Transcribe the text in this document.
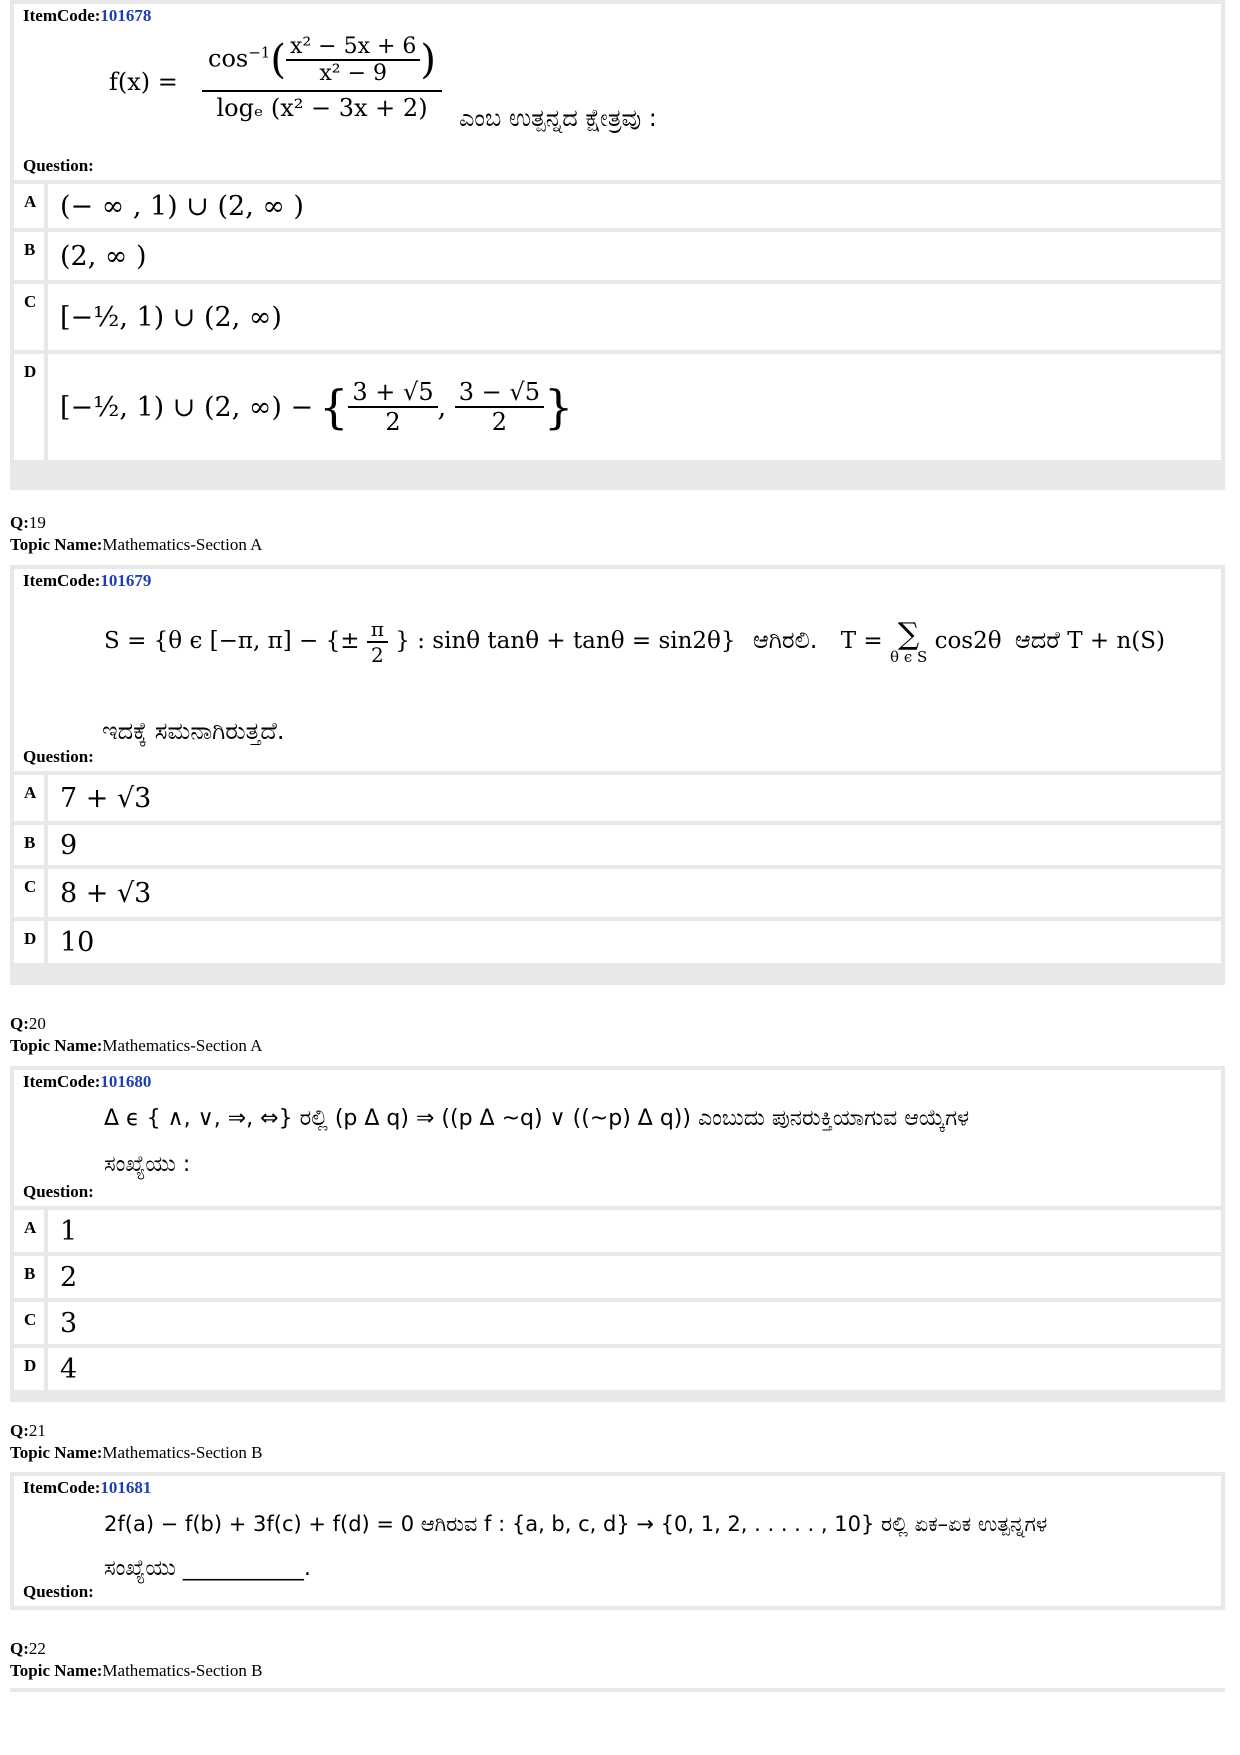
ItemCode:101678
$f(x) = \frac{\cos^{-1}( \frac{\text{x² − 5x + 6}}{\text{x² − 9}} )}{\text{logₑ (x² − 3x + 2)}}$ ಎಂಬ ಉತ್ಪನ್ನದ ಕ್ಷೇತ್ರವು :
Question:
A (− ∞ , 1) ∪ (2, ∞ )
B (2, ∞ )
C [−½, 1) ∪ (2, ∞)
D
[−½, 1) ∪ (2, ∞) − { $\frac{3 + √5}{2}$ , $\frac{3 - √5}{2}$ }
Q:19
Topic Name:Mathematics-Section A
ItemCode:101679
S = {θ ϵ [−π, π] − {± $\frac{\pi}{2}$ } : sinθ tanθ + tanθ = sin2θ} ಆಗಿರಲಿ. T = ∑
θ ϵ S
cos2θ ಆದರೆ T + n(S)
ಇದಕ್ಕೆ ಸಮನಾಗಿರುತ್ತದೆ.
Question:
A 7 + √3
B 9
C 8 + √3
D 10
Q:20
Topic Name:Mathematics-Section A
ItemCode:101680
Δ ϵ { ∧, ∨, ⇒, ⇔} ರಲ್ಲಿ (p Δ q) ⇒ ((p Δ ~q) ∨ ((~p) Δ q)) ಎಂಬುದು ಪುನರುಕ್ತಿಯಾಗುವ ಆಯ್ಕೆಗಳ
ಸಂಖ್ಯೆಯು :
Question:
A 1
B 2
C 3
D 4
Q:21
Topic Name:Mathematics-Section B
ItemCode:101681
2f(a) − f(b) + 3f(c) + f(d) = 0 ಆಗಿರುವ f : {a, b, c, d} → {0, 1, 2, . . . . . , 10} ರಲ್ಲಿ ಏಕ–ಏಕ ಉತ್ಪನ್ನಗಳ
ಸಂಖ್ಯೆಯು ___________.
Question:
Q:22
Topic Name:Mathematics-Section B
